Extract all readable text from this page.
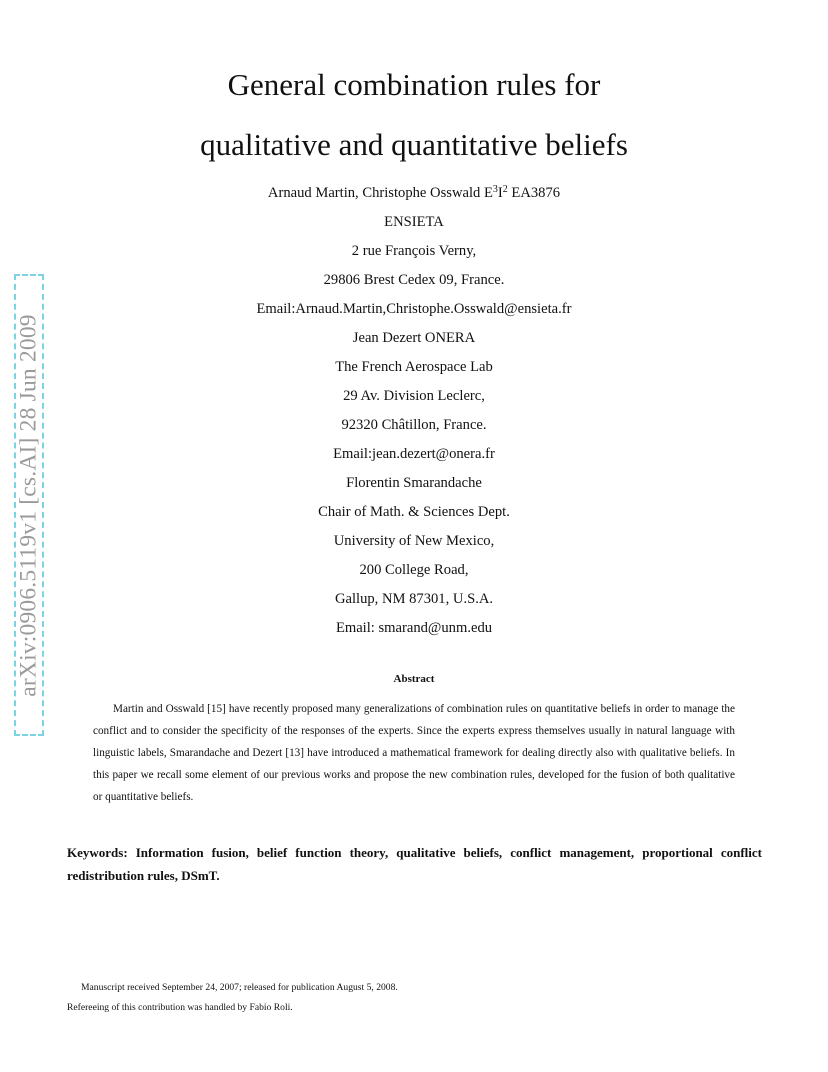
arXiv:0906.5119v1 [cs.AI] 28 Jun 2009
General combination rules for
qualitative and quantitative beliefs
Arnaud Martin, Christophe Osswald $E^3I^2$ EA3876
ENSIETA
2 rue François Verny,
29806 Brest Cedex 09, France.
Email:Arnaud.Martin,Christophe.Osswald@ensieta.fr
Jean Dezert ONERA
The French Aerospace Lab
29 Av. Division Leclerc,
92320 Châtillon, France.
Email:jean.dezert@onera.fr
Florentin Smarandache
Chair of Math. & Sciences Dept.
University of New Mexico,
200 College Road,
Gallup, NM 87301, U.S.A.
Email: smarand@unm.edu
Abstract

Martin and Osswald [15] have recently proposed many generalizations of combination rules on quantitative beliefs in order to manage the conflict and to consider the specificity of the responses of the experts. Since the experts express themselves usually in natural language with linguistic labels, Smarandache and Dezert [13] have introduced a mathematical framework for dealing directly also with qualitative beliefs. In this paper we recall some element of our previous works and propose the new combination rules, developed for the fusion of both qualitative or quantitative beliefs.

Keywords: Information fusion, belief function theory, qualitative beliefs, conflict management, proportional conflict redistribution rules, DSmT.

Manuscript received September 24, 2007; released for publication August 5, 2008.

Refereeing of this contribution was handled by Fabio Roli.
